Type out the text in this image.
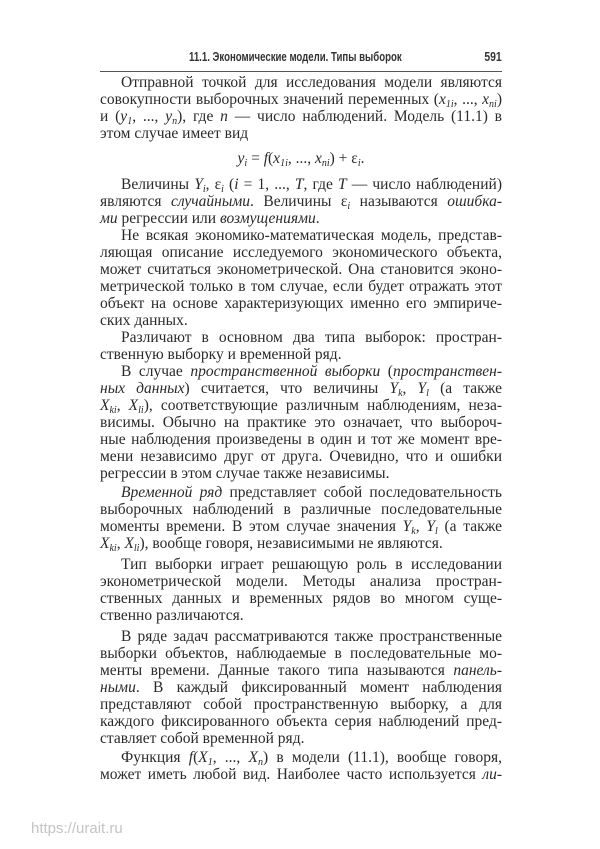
11.1. Экономические модели. Типы выборок	591
Отправной точкой для исследования модели являются
совокупности выборочных значений переменных ($x_{1i}$, ..., $x_{ni}$)
и ($y_1$, ..., $y_n$), где n — число наблюдений. Модель (11.1) в
этом случае имеет вид
$y_i = f(x_{1i}$, ..., $x_{ni}) + \varepsilon_i$.
Величины $Y_i$, $\varepsilon_i$ (i = 1, ..., T, где T — число наблюдений)
являются случайными. Величины $\varepsilon_i$ называются ошибка-
ми регрессии или возмущениями.
Не всякая экономико-математическая модель, представ-
ляющая описание исследуемого экономического объекта,
может считаться эконометрической. Она становится эконо-
метрической только в том случае, если будет отражать этот
объект на основе характеризующих именно его эмпириче-
ских данных.
Различают в основном два типа выборок: простран-
ственную выборку и временной ряд.
В случае пространственной выборки (пространствен-
ных данных) считается, что величины $Y_k$, $Y_l$ (а также
$X_{ki}$, $X_{li}$), соответствующие различным наблюдениям, неза-
висимы. Обычно на практике это означает, что выбороч-
ные наблюдения произведены в один и тот же момент вре-
мени независимо друг от друга. Очевидно, что и ошибки
регрессии в этом случае также независимы.
Временной ряд представляет собой последовательность
выборочных наблюдений в различные последовательные
моменты времени. В этом случае значения $Y_k$, $Y_l$ (а также
$X_{ki}$, $X_{li}$), вообще говоря, независимыми не являются.
Тип выборки играет решающую роль в исследовании
эконометрической модели. Методы анализа простран-
ственных данных и временных рядов во многом суще-
ственно различаются.
В ряде задач рассматриваются также пространственные
выборки объектов, наблюдаемые в последовательные мо-
менты времени. Данные такого типа называются панель-
ными. В каждый фиксированный момент наблюдения
представляют собой пространственную выборку, а для
каждого фиксированного объекта серия наблюдений пред-
ставляет собой временной ряд.
Функция $f(X_1$, ..., $X_n$) в модели (11.1), вообще говоря,
может иметь любой вид. Наиболее часто используется ли-
https://urait.ru
